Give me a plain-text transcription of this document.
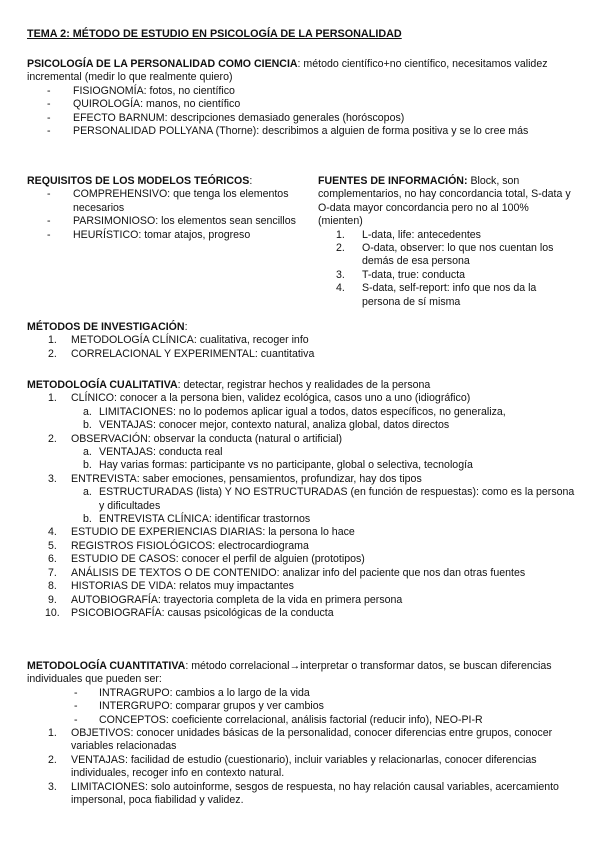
TEMA 2: MÉTODO DE ESTUDIO EN PSICOLOGÍA DE LA PERSONALIDAD

PSICOLOGÍA DE LA PERSONALIDAD COMO CIENCIA: método científico+no científico, necesitamos validez incremental (medir lo que realmente quiero)

- FISIOGNOMÍA: fotos, no científico
- QUIROLOGÍA: manos, no científico
- EFECTO BARNUM: descripciones demasiado generales (horóscopos)
- PERSONALIDAD POLLYANA (Thorne): describimos a alguien de forma positiva y se lo cree más

REQUISITOS DE LOS MODELOS TEÓRICOS:

- COMPREHENSIVO: que tenga los elementos necesarios
- PARSIMONIOSO: los elementos sean sencillos
- HEURÍSTICO: tomar atajos, progreso

FUENTES DE INFORMACIÓN: Block, son complementarios, no hay concordancia total, S-data y O-data mayor concordancia pero no al 100% (mienten)

1. L-data, life: antecedentes
2. O-data, observer: lo que nos cuentan los demás de esa persona
3. T-data, true: conducta
4. S-data, self-report: info que nos da la persona de sí misma

MÉTODOS DE INVESTIGACIÓN:

1. METODOLOGÍA CLÍNICA: cualitativa, recoger info
2. CORRELACIONAL Y EXPERIMENTAL: cuantitativa

METODOLOGÍA CUALITATIVA: detectar, registrar hechos y realidades de la persona

1. CLÍNICO: conocer a la persona bien, validez ecológica, casos uno a uno (idiográfico)
a. LIMITACIONES: no lo podemos aplicar igual a todos, datos específicos, no generaliza,
b. VENTAJAS: conocer mejor, contexto natural, analiza global, datos directos
2. OBSERVACIÓN: observar la conducta (natural o artificial)
a. VENTAJAS: conducta real
b. Hay varias formas: participante vs no participante, global o selectiva, tecnología
3. ENTREVISTA: saber emociones, pensamientos, profundizar, hay dos tipos
a. ESTRUCTURADAS (lista) Y NO ESTRUCTURADAS (en función de respuestas): como es la persona y dificultades
b. ENTREVISTA CLÍNICA: identificar trastornos
4. ESTUDIO DE EXPERIENCIAS DIARIAS: la persona lo hace
5. REGISTROS FISIOLÓGICOS: electrocardiograma
6. ESTUDIO DE CASOS: conocer el perfil de alguien (prototipos)
7. ANÁLISIS DE TEXTOS O DE CONTENIDO: analizar info del paciente que nos dan otras fuentes
8. HISTORIAS DE VIDA: relatos muy impactantes
9. AUTOBIOGRAFÍA: trayectoria completa de la vida en primera persona
10. PSICOBIOGRAFÍA: causas psicológicas de la conducta

METODOLOGÍA CUANTITATIVA: método correlacional→interpretar o transformar datos, se buscan diferencias individuales que pueden ser:

- INTRAGRUPO: cambios a lo largo de la vida
- INTERGRUPO: comparar grupos y ver cambios
- CONCEPTOS: coeficiente correlacional, análisis factorial (reducir info), NEO-PI-R
1. OBJETIVOS: conocer unidades básicas de la personalidad, conocer diferencias entre grupos, conocer variables relacionadas
2. VENTAJAS: facilidad de estudio (cuestionario), incluir variables y relacionarlas, conocer diferencias individuales, recoger info en contexto natural.
3. LIMITACIONES: solo autoinforme, sesgos de respuesta, no hay relación causal variables, acercamiento impersonal, poca fiabilidad y validez.
